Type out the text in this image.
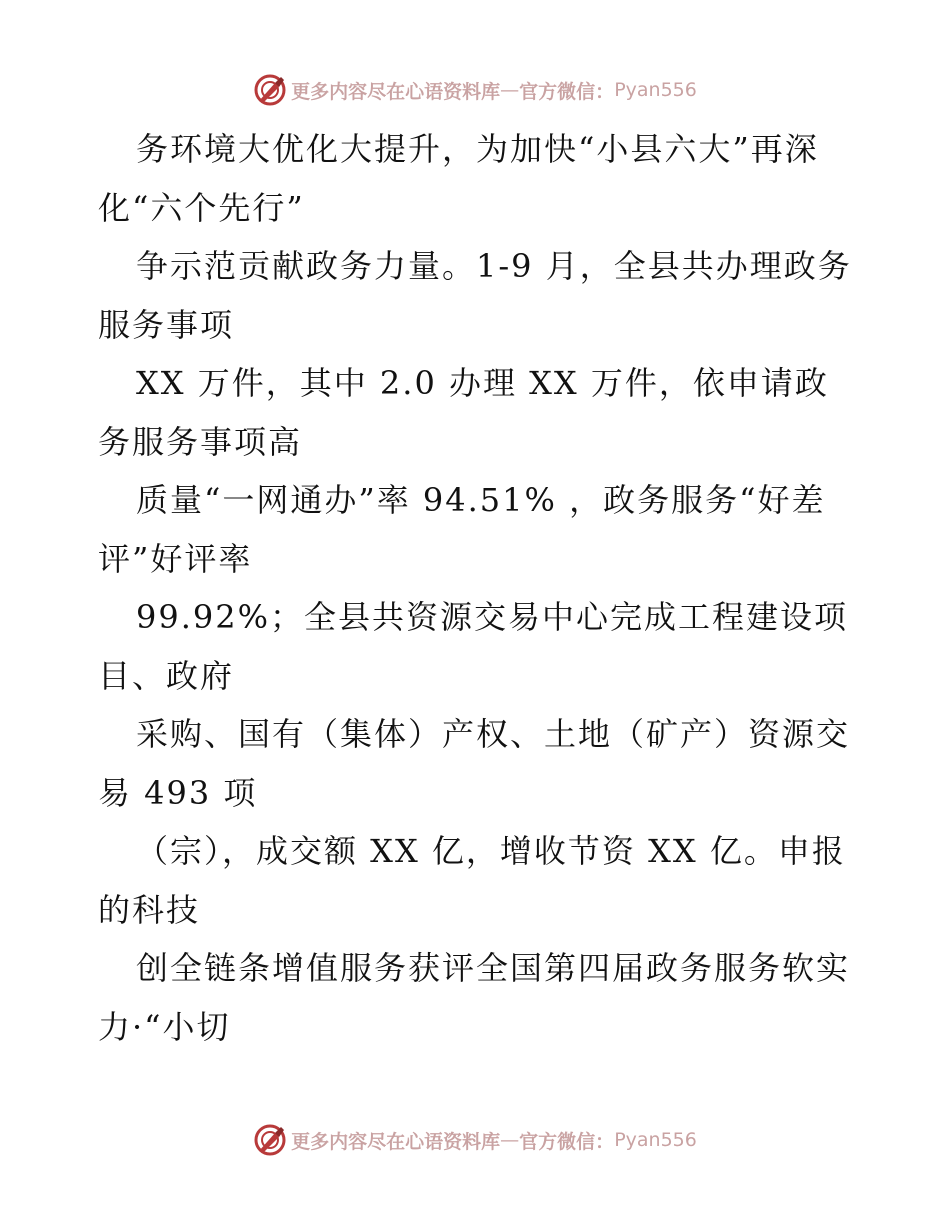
更多内容尽在心语资料库 — 官方微信： Pyan556

务环境大优化大提升，为加快“小县六大”再深化“六个先行”

争示范贡献政务力量。1-9 月，全县共办理政务服务事项

XX 万件，其中 2.0 办理 XX 万件，依申请政务服务事项高

质量“一网通办”率 94.51% ，政务服务“好差评”好评率

99.92%；全县共资源交易中心完成工程建设项目、政府

采购、国有（集体）产权、土地（矿产）资源交易 493 项

（宗），成交额 XX 亿，增收节资 XX 亿。申报的科技

创全链条增值服务获评全国第四届政务服务软实力·“小切

更多内容尽在心语资料库 — 官方微信： Pyan556
